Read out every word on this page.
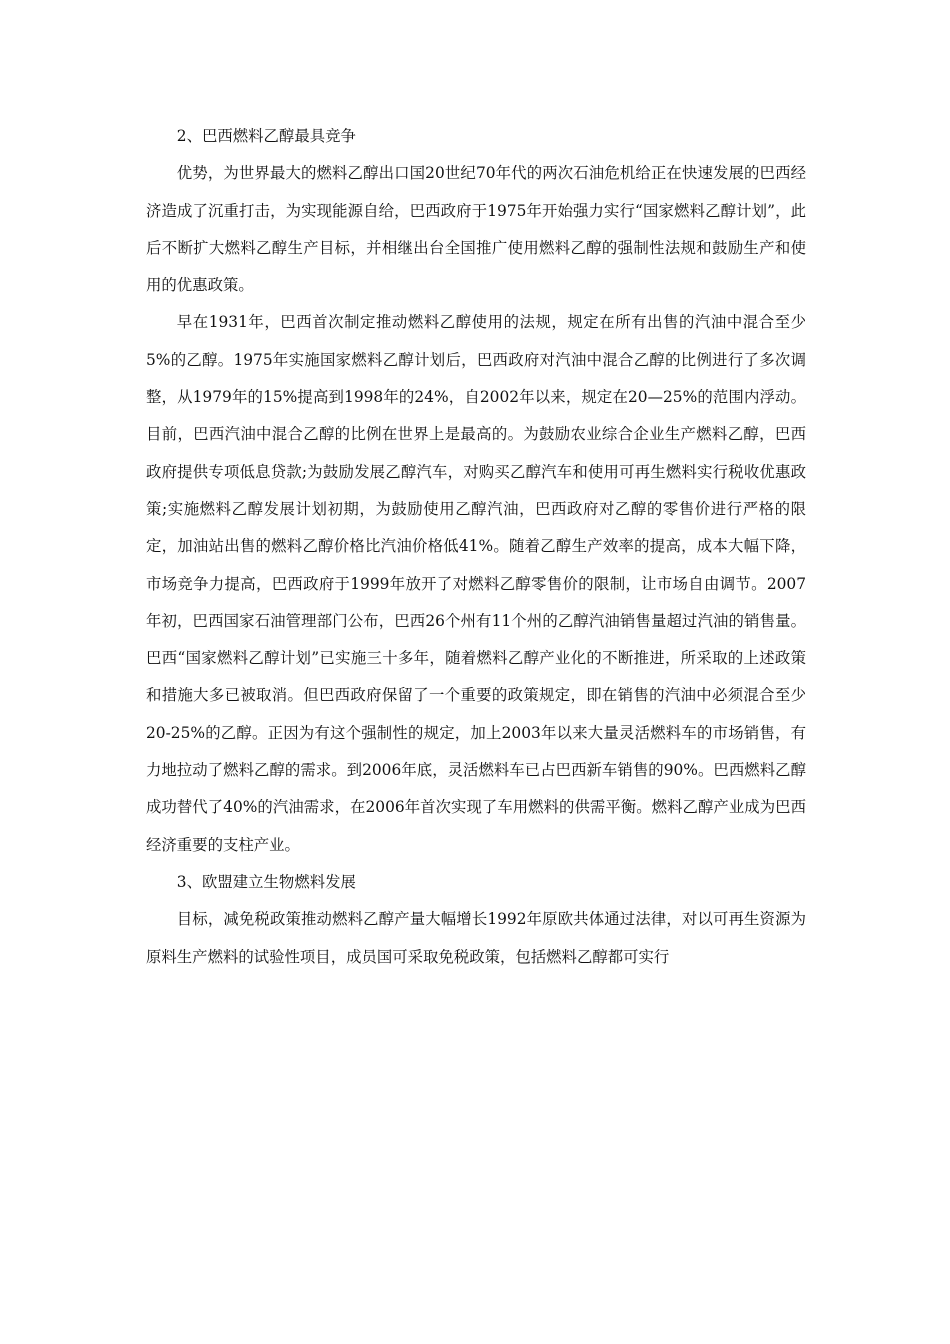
2、巴西燃料乙醇最具竞争

优势，为世界最大的燃料乙醇出口国20世纪70年代的两次石油危机给正在快速发展的巴西经济造成了沉重打击，为实现能源自给，巴西政府于1975年开始强力实行“国家燃料乙醇计划”，此后不断扩大燃料乙醇生产目标，并相继出台全国推广使用燃料乙醇的强制性法规和鼓励生产和使用的优惠政策。

早在1931年，巴西首次制定推动燃料乙醇使用的法规，规定在所有出售的汽油中混合至少5%的乙醇。1975年实施国家燃料乙醇计划后，巴西政府对汽油中混合乙醇的比例进行了多次调整，从1979年的15%提高到1998年的24%，自2002年以来，规定在20—25%的范围内浮动。目前，巴西汽油中混合乙醇的比例在世界上是最高的。为鼓励农业综合企业生产燃料乙醇，巴西政府提供专项低息贷款;为鼓励发展乙醇汽车，对购买乙醇汽车和使用可再生燃料实行税收优惠政策;实施燃料乙醇发展计划初期，为鼓励使用乙醇汽油，巴西政府对乙醇的零售价进行严格的限定，加油站出售的燃料乙醇价格比汽油价格低41%。随着乙醇生产效率的提高，成本大幅下降，市场竞争力提高，巴西政府于1999年放开了对燃料乙醇零售价的限制，让市场自由调节。2007年初，巴西国家石油管理部门公布，巴西26个州有11个州的乙醇汽油销售量超过汽油的销售量。巴西“国家燃料乙醇计划”已实施三十多年，随着燃料乙醇产业化的不断推进，所采取的上述政策和措施大多已被取消。但巴西政府保留了一个重要的政策规定，即在销售的汽油中必须混合至少20-25%的乙醇。正因为有这个强制性的规定，加上2003年以来大量灵活燃料车的市场销售，有力地拉动了燃料乙醇的需求。到2006年底，灵活燃料车已占巴西新车销售的90%。巴西燃料乙醇成功替代了40%的汽油需求，在2006年首次实现了车用燃料的供需平衡。燃料乙醇产业成为巴西经济重要的支柱产业。

3、欧盟建立生物燃料发展

目标，减免税政策推动燃料乙醇产量大幅增长1992年原欧共体通过法律，对以可再生资源为原料生产燃料的试验性项目，成员国可采取免税政策，包括燃料乙醇都可实行
